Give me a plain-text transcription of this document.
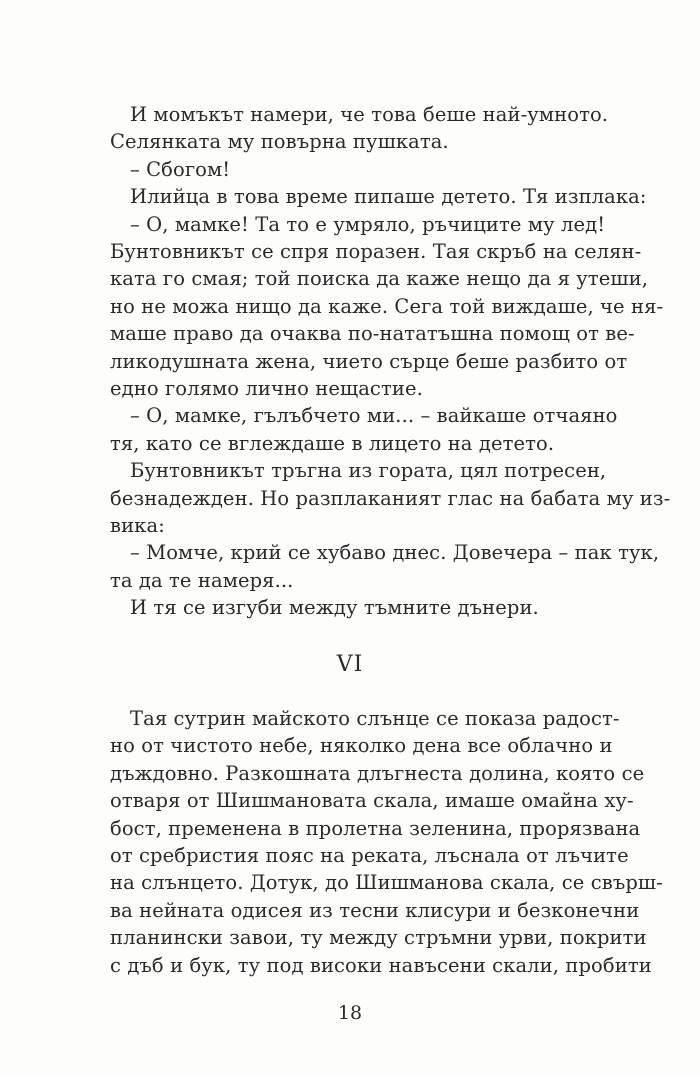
И момъкът намери, че това беше най-умното.
Селянката му повърна пушката.
– Сбогом!
Илийца в това време пипаше детето. Тя изплака:
– О, мамке! Та то е умряло, ръчиците му лед!
Бунтовникът се спря поразен. Тая скръб на селян-
ката го смая; той поиска да каже нещо да я утеши,
но не можа нищо да каже. Сега той виждаше, че ня-
маше право да очаква по-нататъшна помощ от ве-
ликодушната жена, чието сърце беше разбито от
едно голямо лично нещастие.
– О, мамке, гълъбчето ми... – вайкаше отчаяно
тя, като се вглеждаше в лицето на детето.
Бунтовникът тръгна из гората, цял потресен,
безнадежден. Но разплаканият глас на бабата му из-
вика:
– Момче, крий се хубаво днес. Довечера – пак тук,
та да те намеря...
И тя се изгуби между тъмните дънери.
VI
Тая сутрин майското слънце се показа радост-
но от чистото небе, няколко дена все облачно и
дъждовно. Разкошната длъгнеста долина, която се
отваря от Шишмановата скала, имаше омайна ху-
бост, пременена в пролетна зеленина, прорязвана
от сребристия пояс на реката, лъснала от лъчите
на слънцето. Дотук, до Шишманова скала, се свърш-
ва нейната одисея из тесни клисури и безконечни
планински завои, ту между стръмни урви, покрити
с дъб и бук, ту под високи навъсени скали, пробити
18
